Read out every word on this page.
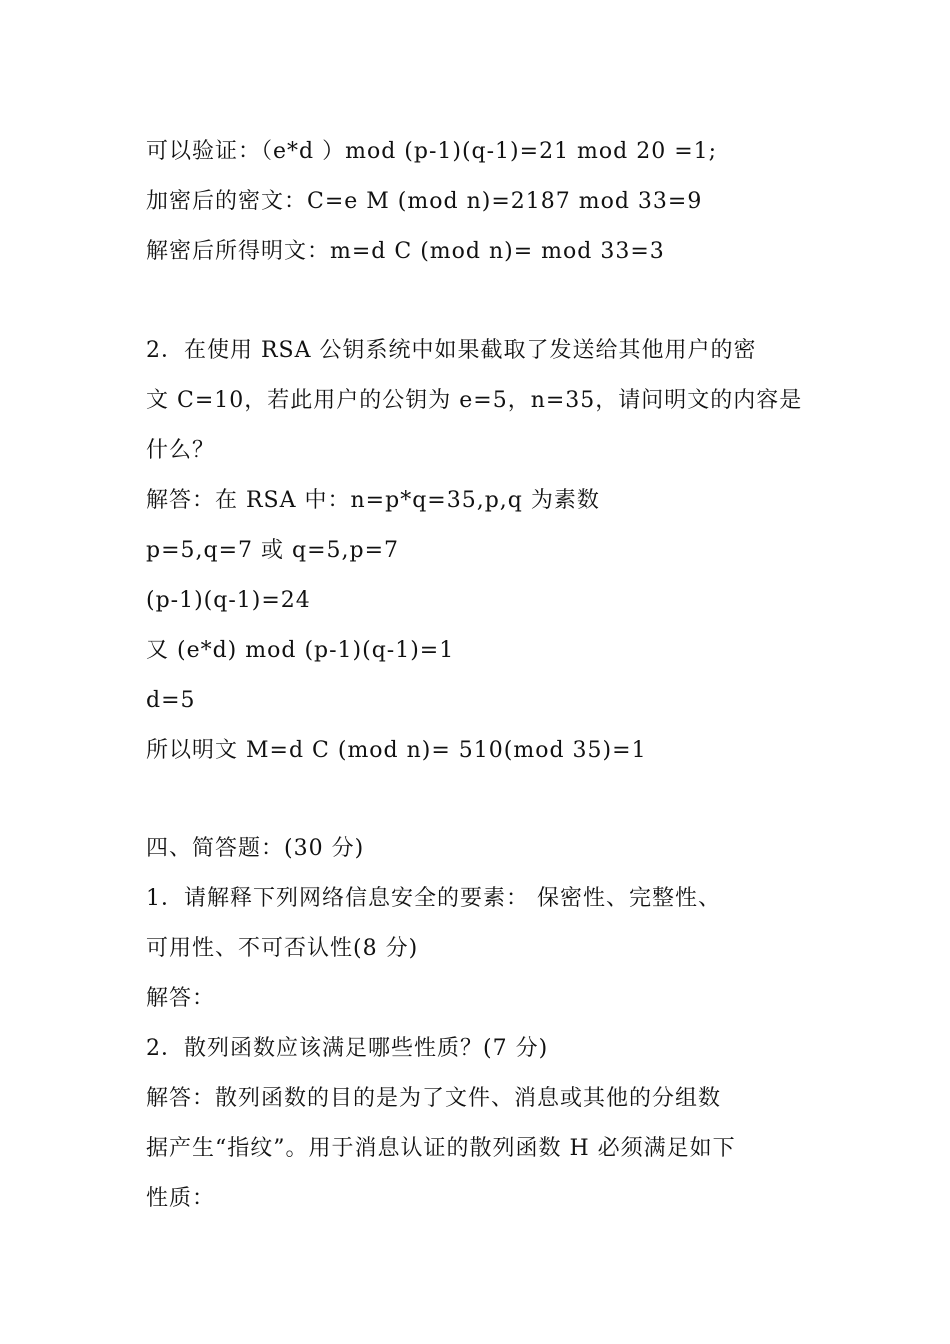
可以验证：（e*d ）mod (p-1)(q-1)=21 mod 20 =1;
加密后的密文：C=e M (mod n)=2187 mod 33=9
解密后所得明文：m=d C (mod n)= mod 33=3
2．在使用 RSA 公钥系统中如果截取了发送给其他用户的密
文 C=10，若此用户的公钥为 e=5，n=35，请问明文的内容是
什么？
解答：在 RSA 中：n=p*q=35,p,q 为素数
p=5,q=7 或 q=5,p=7
(p-1)(q-1)=24
又 (e*d) mod (p-1)(q-1)=1
d=5
所以明文 M=d C (mod n)= 510(mod 35)=1
四、简答题：(30 分)
1．请解释下列网络信息安全的要素： 保密性、完整性、
可用性、不可否认性(8 分)
解答：
2．散列函数应该满足哪些性质？(7 分)
解答：散列函数的目的是为了文件、消息或其他的分组数
据产生“指纹”。用于消息认证的散列函数 H 必须满足如下
性质：
